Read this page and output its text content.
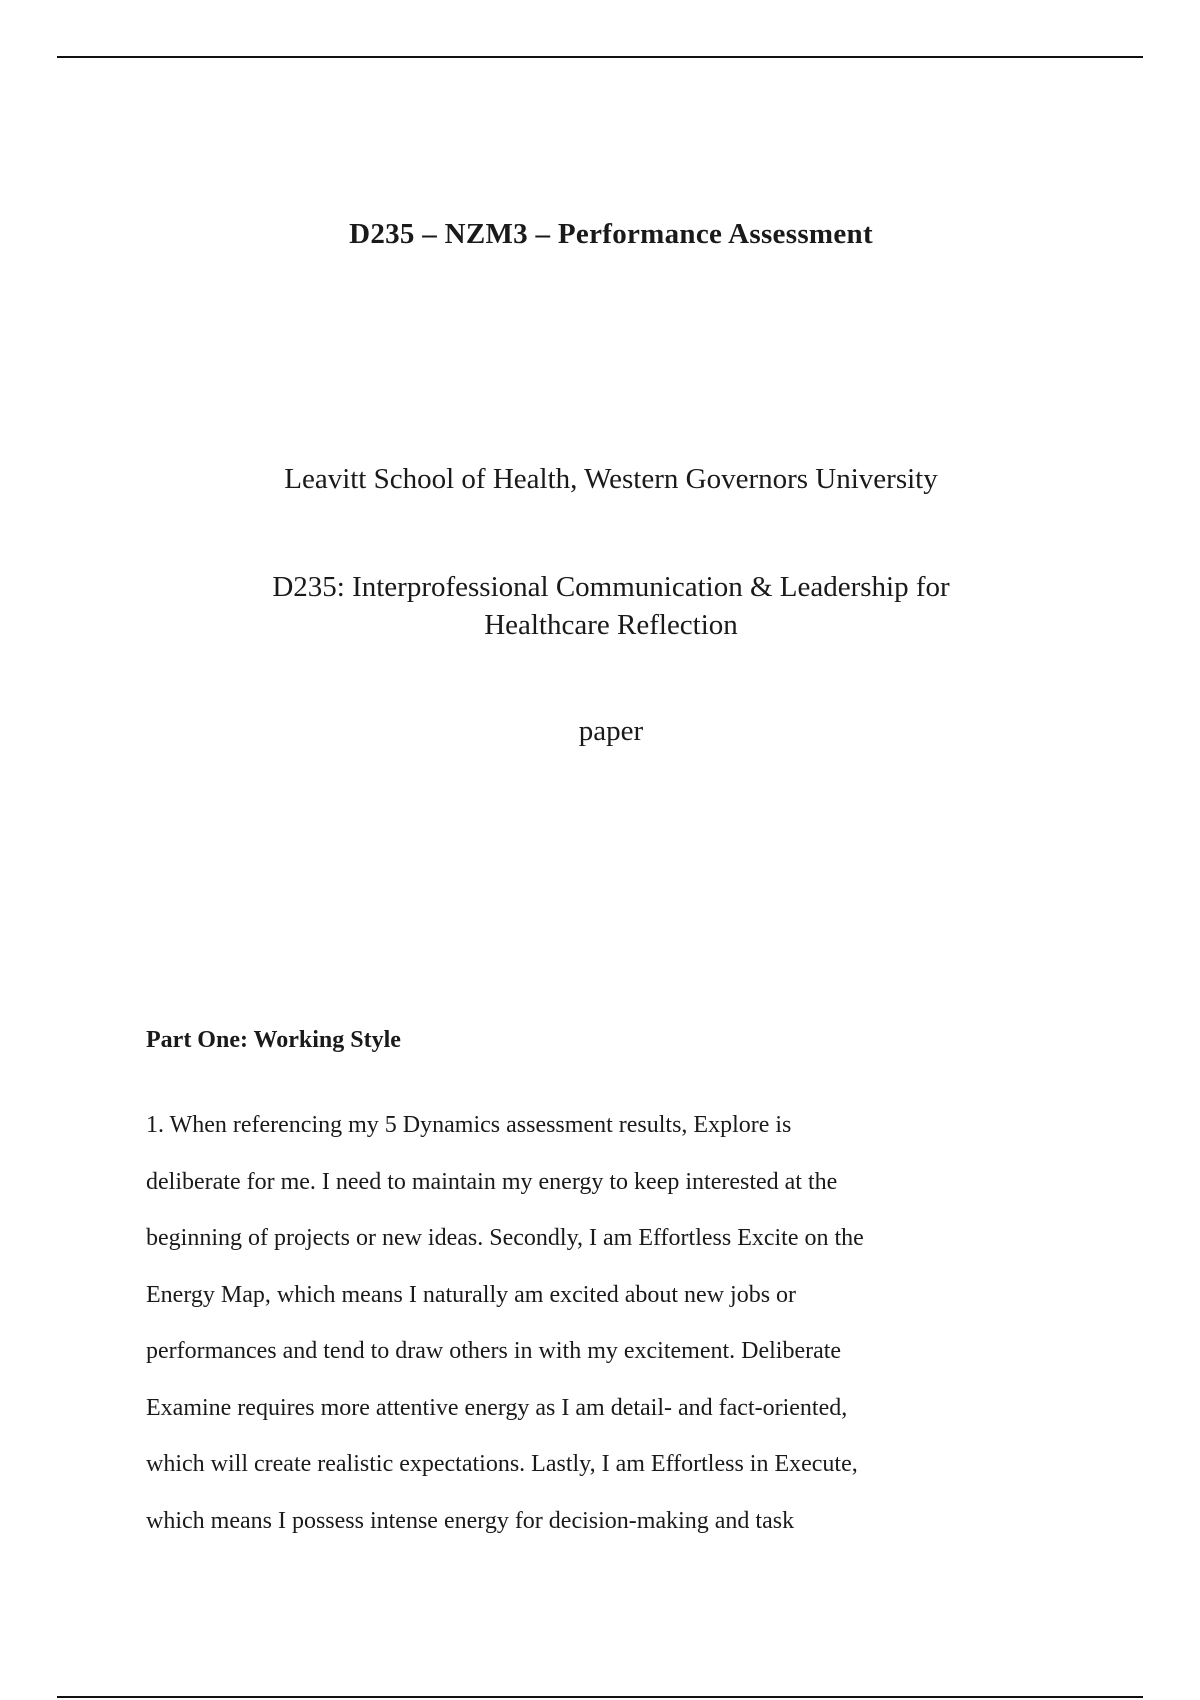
D235 – NZM3 – Performance Assessment
Leavitt School of Health, Western Governors University
D235: Interprofessional Communication & Leadership for
Healthcare Reflection
paper
Part One: Working Style
1. When referencing my 5 Dynamics assessment results, Explore is
deliberate for me. I need to maintain my energy to keep interested at the
beginning of projects or new ideas. Secondly, I am Effortless Excite on the
Energy Map, which means I naturally am excited about new jobs or
performances and tend to draw others in with my excitement. Deliberate
Examine requires more attentive energy as I am detail- and fact-oriented,
which will create realistic expectations. Lastly, I am Effortless in Execute,
which means I possess intense energy for decision-making and task
